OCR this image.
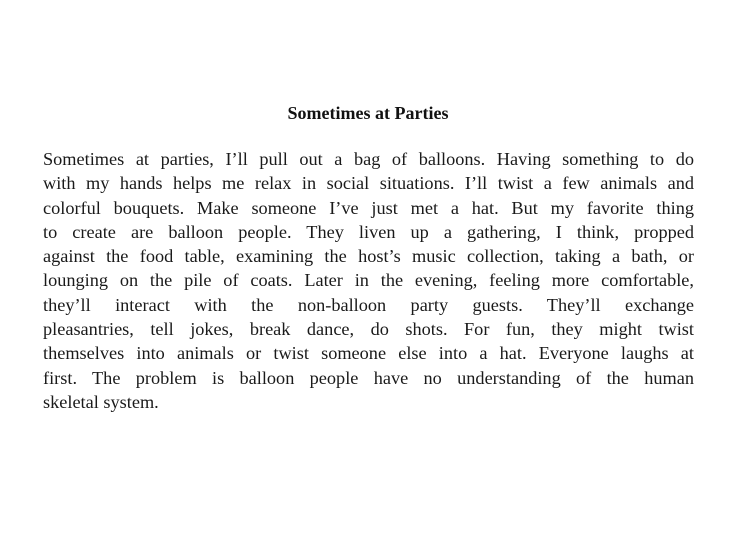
Sometimes at Parties
Sometimes at parties, I’ll pull out a bag of balloons. Having something to do
with my hands helps me relax in social situations. I’ll twist a few animals and
colorful bouquets. Make someone I’ve just met a hat. But my favorite thing
to create are balloon people. They liven up a gathering, I think, propped
against the food table, examining the host’s music collection, taking a bath, or
lounging on the pile of coats. Later in the evening, feeling more comfortable,
they’ll interact with the non-balloon party guests. They’ll exchange
pleasantries, tell jokes, break dance, do shots. For fun, they might twist
themselves into animals or twist someone else into a hat. Everyone laughs at
first. The problem is balloon people have no understanding of the human
skeletal system.
